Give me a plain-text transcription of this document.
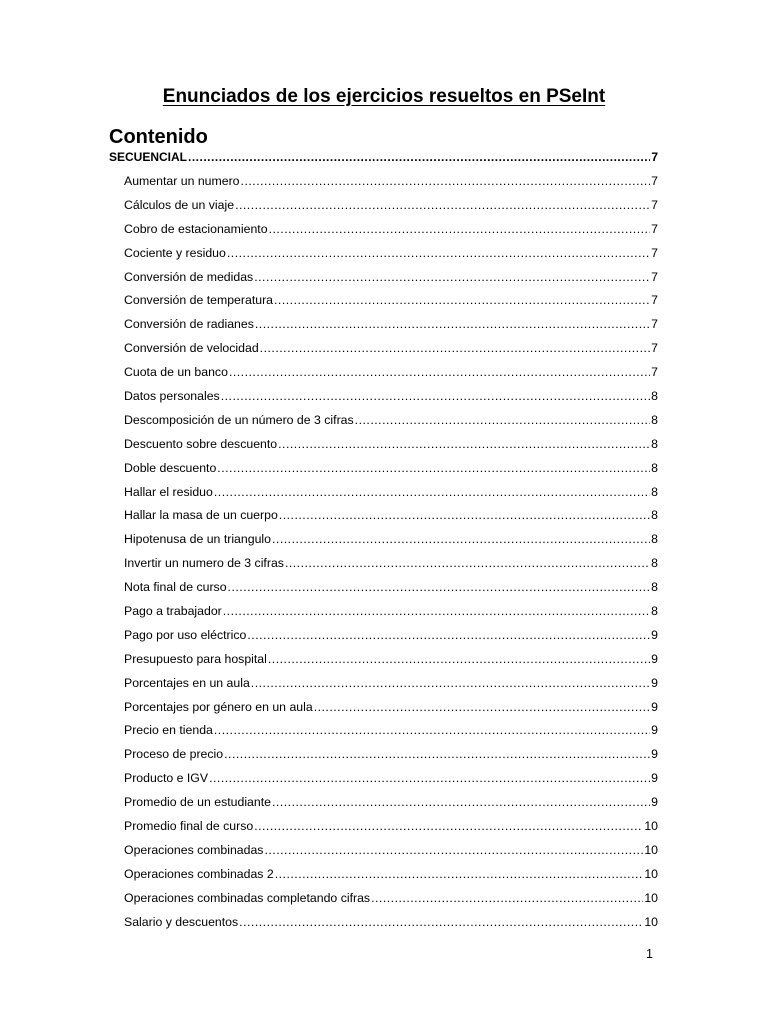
Enunciados de los ejercicios resueltos en PSeInt
Contenido
SECUENCIAL .....	7
Aumentar un numero .....	7
Cálculos de un viaje .....	7
Cobro de estacionamiento .....	7
Cociente y residuo .....	7
Conversión de medidas .....	7
Conversión de temperatura .....	7
Conversión de radianes .....	7
Conversión de velocidad .....	7
Cuota de un banco .....	7
Datos personales .....	8
Descomposición de un número de 3 cifras .....	8
Descuento sobre descuento .....	8
Doble descuento .....	8
Hallar el residuo .....	8
Hallar la masa de un cuerpo .....	8
Hipotenusa de un triangulo .....	8
Invertir un numero de 3 cifras .....	8
Nota final de curso .....	8
Pago a trabajador .....	8
Pago por uso eléctrico .....	9
Presupuesto para hospital .....	9
Porcentajes en un aula .....	9
Porcentajes por género en un aula .....	9
Precio en tienda .....	9
Proceso de precio .....	9
Producto e IGV .....	9
Promedio de un estudiante .....	9
Promedio final de curso .....	10
Operaciones combinadas .....	10
Operaciones combinadas 2 .....	10
Operaciones combinadas completando cifras .....	10
Salario y descuentos .....	10
1
